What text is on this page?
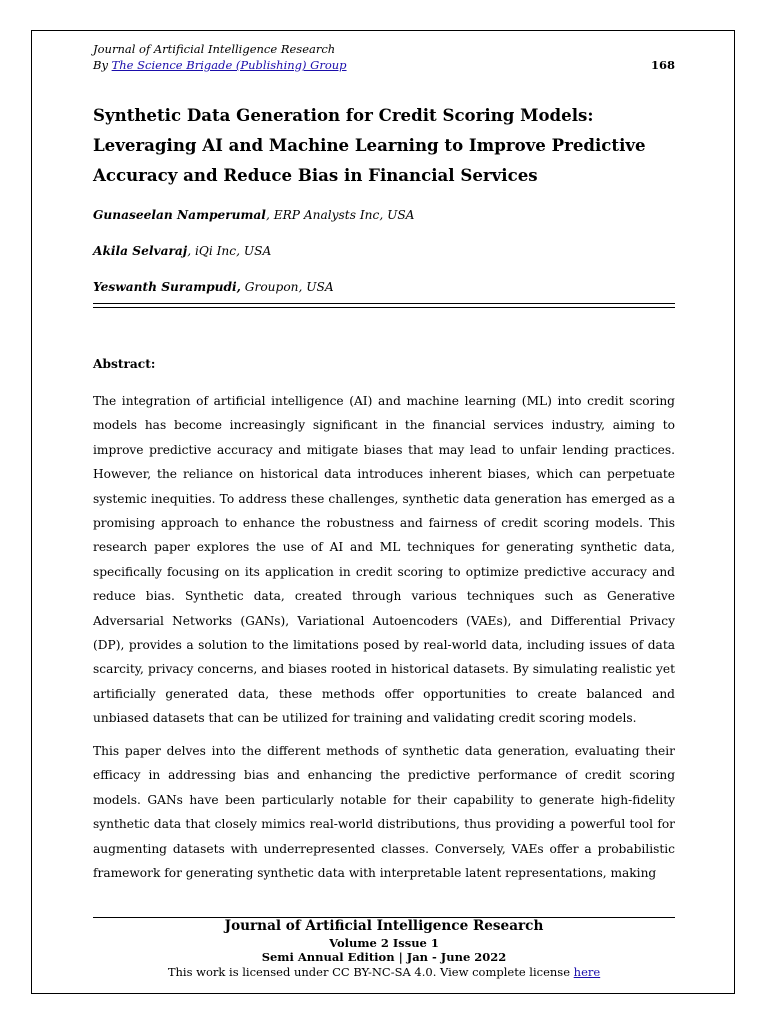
Journal of Artificial Intelligence Research
By The Science Brigade (Publishing) Group	168
Synthetic Data Generation for Credit Scoring Models: Leveraging AI and Machine Learning to Improve Predictive Accuracy and Reduce Bias in Financial Services
Gunaseelan Namperumal, ERP Analysts Inc, USA
Akila Selvaraj, iQi Inc, USA
Yeswanth Surampudi, Groupon, USA
Abstract:

The integration of artificial intelligence (AI) and machine learning (ML) into credit scoring models has become increasingly significant in the financial services industry, aiming to improve predictive accuracy and mitigate biases that may lead to unfair lending practices. However, the reliance on historical data introduces inherent biases, which can perpetuate systemic inequities. To address these challenges, synthetic data generation has emerged as a promising approach to enhance the robustness and fairness of credit scoring models. This research paper explores the use of AI and ML techniques for generating synthetic data, specifically focusing on its application in credit scoring to optimize predictive accuracy and reduce bias. Synthetic data, created through various techniques such as Generative Adversarial Networks (GANs), Variational Autoencoders (VAEs), and Differential Privacy (DP), provides a solution to the limitations posed by real-world data, including issues of data scarcity, privacy concerns, and biases rooted in historical datasets. By simulating realistic yet artificially generated data, these methods offer opportunities to create balanced and unbiased datasets that can be utilized for training and validating credit scoring models.

This paper delves into the different methods of synthetic data generation, evaluating their efficacy in addressing bias and enhancing the predictive performance of credit scoring models. GANs have been particularly notable for their capability to generate high-fidelity synthetic data that closely mimics real-world distributions, thus providing a powerful tool for augmenting datasets with underrepresented classes. Conversely, VAEs offer a probabilistic framework for generating synthetic data with interpretable latent representations, making

Journal of Artificial Intelligence Research
Volume 2 Issue 1
Semi Annual Edition | Jan - June 2022
This work is licensed under CC BY-NC-SA 4.0. View complete license here
